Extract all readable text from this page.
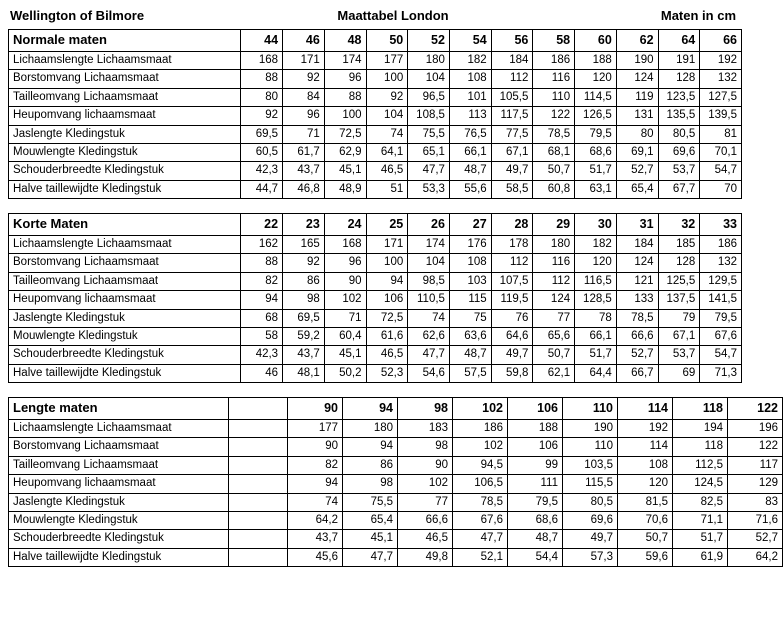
Wellington of Bilmore	Maattabel London	Maten in cm
Normale maten	44	46	48	50	52	54	56	58	60	62	64	66
Lichaamslengte Lichaamsmaat	168	171	174	177	180	182	184	186	188	190	191	192
Borstomvang Lichaamsmaat	88	92	96	100	104	108	112	116	120	124	128	132
Tailleomvang Lichaamsmaat	80	84	88	92	96,5	101	105,5	110	114,5	119	123,5	127,5
Heupomvang lichaamsmaat	92	96	100	104	108,5	113	117,5	122	126,5	131	135,5	139,5
Jaslengte Kledingstuk	69,5	71	72,5	74	75,5	76,5	77,5	78,5	79,5	80	80,5	81
Mouwlengte Kledingstuk	60,5	61,7	62,9	64,1	65,1	66,1	67,1	68,1	68,6	69,1	69,6	70,1
Schouderbreedte Kledingstuk	42,3	43,7	45,1	46,5	47,7	48,7	49,7	50,7	51,7	52,7	53,7	54,7
Halve taillewijdte Kledingstuk	44,7	46,8	48,9	51	53,3	55,6	58,5	60,8	63,1	65,4	67,7	70
Korte Maten	22	23	24	25	26	27	28	29	30	31	32	33
Lichaamslengte Lichaamsmaat	162	165	168	171	174	176	178	180	182	184	185	186
Borstomvang Lichaamsmaat	88	92	96	100	104	108	112	116	120	124	128	132
Tailleomvang Lichaamsmaat	82	86	90	94	98,5	103	107,5	112	116,5	121	125,5	129,5
Heupomvang lichaamsmaat	94	98	102	106	110,5	115	119,5	124	128,5	133	137,5	141,5
Jaslengte Kledingstuk	68	69,5	71	72,5	74	75	76	77	78	78,5	79	79,5
Mouwlengte Kledingstuk	58	59,2	60,4	61,6	62,6	63,6	64,6	65,6	66,1	66,6	67,1	67,6
Schouderbreedte Kledingstuk	42,3	43,7	45,1	46,5	47,7	48,7	49,7	50,7	51,7	52,7	53,7	54,7
Halve taillewijdte Kledingstuk	46	48,1	50,2	52,3	54,6	57,5	59,8	62,1	64,4	66,7	69	71,3
Lengte maten		90	94	98	102	106	110	114	118	122
Lichaamslengte Lichaamsmaat		177	180	183	186	188	190	192	194	196
Borstomvang Lichaamsmaat		90	94	98	102	106	110	114	118	122
Tailleomvang Lichaamsmaat		82	86	90	94,5	99	103,5	108	112,5	117
Heupomvang lichaamsmaat		94	98	102	106,5	111	115,5	120	124,5	129
Jaslengte Kledingstuk		74	75,5	77	78,5	79,5	80,5	81,5	82,5	83
Mouwlengte Kledingstuk		64,2	65,4	66,6	67,6	68,6	69,6	70,6	71,1	71,6
Schouderbreedte Kledingstuk		43,7	45,1	46,5	47,7	48,7	49,7	50,7	51,7	52,7
Halve taillewijdte Kledingstuk		45,6	47,7	49,8	52,1	54,4	57,3	59,6	61,9	64,2
